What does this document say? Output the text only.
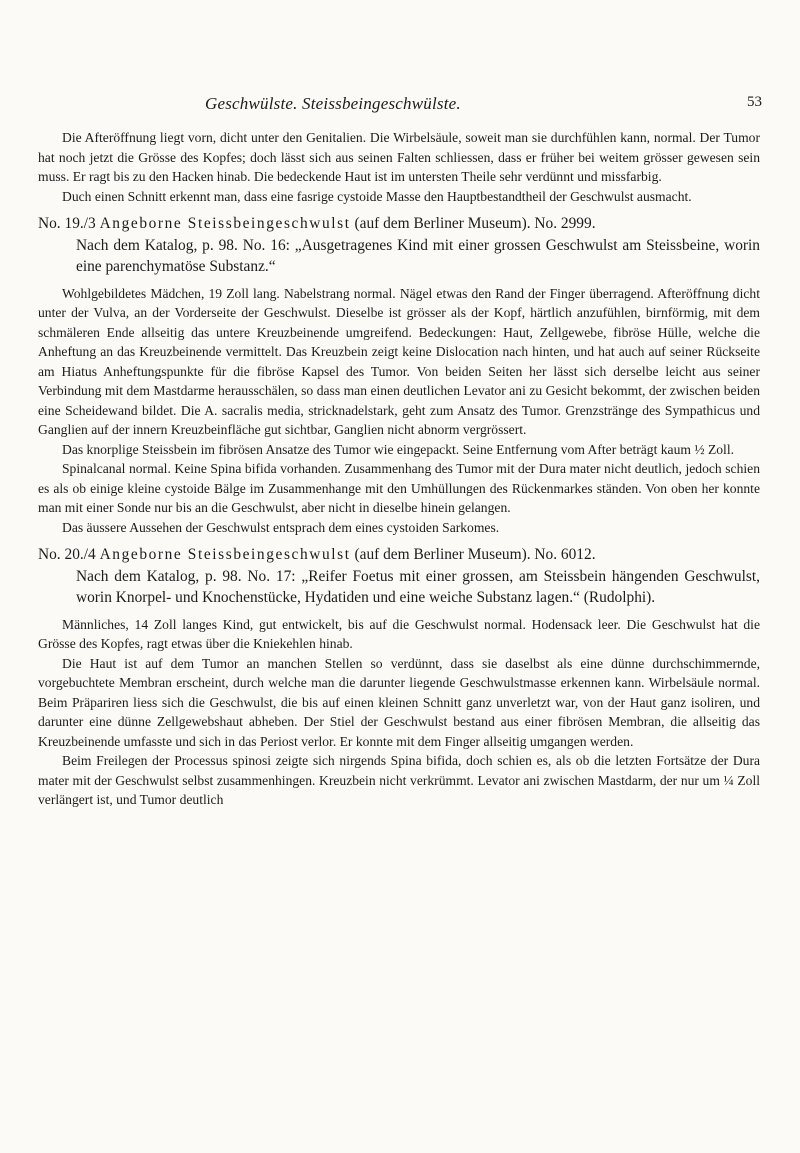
Geschwülste. Steissbeingeschwülste.	53

Die Afteröffnung liegt vorn, dicht unter den Genitalien. Die Wirbelsäule, soweit man sie durchfühlen kann, normal. Der Tumor hat noch jetzt die Grösse des Kopfes; doch lässt sich aus seinen Falten schliessen, dass er früher bei weitem grösser gewesen sein muss. Er ragt bis zu den Hacken hinab. Die bedeckende Haut ist im untersten Theile sehr verdünnt und missfarbig.

Duch einen Schnitt erkennt man, dass eine fasrige cystoide Masse den Hauptbestandtheil der Geschwulst ausmacht.

No. 19./3 Angeborne Steissbeingeschwulst (auf dem Berliner Museum). No. 2999.
Nach dem Katalog, p. 98. No. 16: „Ausgetragenes Kind mit einer grossen Geschwulst am Steissbeine, worin eine parenchymatöse Substanz.“

Wohlgebildetes Mädchen, 19 Zoll lang. Nabelstrang normal. Nägel etwas den Rand der Finger überragend. Afteröffnung dicht unter der Vulva, an der Vorderseite der Geschwulst. Dieselbe ist grösser als der Kopf, härtlich anzufühlen, birnförmig, mit dem schmäleren Ende allseitig das untere Kreuzbeinende umgreifend. Bedeckungen: Haut, Zellgewebe, fibröse Hülle, welche die Anheftung an das Kreuzbeinende vermittelt. Das Kreuzbein zeigt keine Dislocation nach hinten, und hat auch auf seiner Rückseite am Hiatus Anheftungspunkte für die fibröse Kapsel des Tumor. Von beiden Seiten her lässt sich derselbe leicht aus seiner Verbindung mit dem Mastdarme herausschälen, so dass man einen deutlichen Levator ani zu Gesicht bekommt, der zwischen beiden eine Scheidewand bildet. Die A. sacralis media, stricknadelstark, geht zum Ansatz des Tumor. Grenzstränge des Sympathicus und Ganglien auf der innern Kreuzbeinfläche gut sichtbar, Ganglien nicht abnorm vergrössert.

Das knorplige Steissbein im fibrösen Ansatze des Tumor wie eingepackt. Seine Entfernung vom After beträgt kaum ½ Zoll.

Spinalcanal normal. Keine Spina bifida vorhanden. Zusammenhang des Tumor mit der Dura mater nicht deutlich, jedoch schien es als ob einige kleine cystoide Bälge im Zusammenhange mit den Umhüllungen des Rückenmarkes ständen. Von oben her konnte man mit einer Sonde nur bis an die Geschwulst, aber nicht in dieselbe hinein gelangen.

Das äussere Aussehen der Geschwulst entsprach dem eines cystoiden Sarkomes.

No. 20./4 Angeborne Steissbeingeschwulst (auf dem Berliner Museum). No. 6012.
Nach dem Katalog, p. 98. No. 17: „Reifer Foetus mit einer grossen, am Steissbein hängenden Geschwulst, worin Knorpel- und Knochenstücke, Hydatiden und eine weiche Substanz lagen.“ (Rudolphi).

Männliches, 14 Zoll langes Kind, gut entwickelt, bis auf die Geschwulst normal. Hodensack leer. Die Geschwulst hat die Grösse des Kopfes, ragt etwas über die Kniekehlen hinab.

Die Haut ist auf dem Tumor an manchen Stellen so verdünnt, dass sie daselbst als eine dünne durchschimmernde, vorgebuchtete Membran erscheint, durch welche man die darunter liegende Geschwulstmasse erkennen kann. Wirbelsäule normal. Beim Präpariren liess sich die Geschwulst, die bis auf einen kleinen Schnitt ganz unverletzt war, von der Haut ganz isoliren, und darunter eine dünne Zellgewebshaut abheben. Der Stiel der Geschwulst bestand aus einer fibrösen Membran, die allseitig das Kreuzbeinende umfasste und sich in das Periost verlor. Er konnte mit dem Finger allseitig umgangen werden.

Beim Freilegen der Processus spinosi zeigte sich nirgends Spina bifida, doch schien es, als ob die letzten Fortsätze der Dura mater mit der Geschwulst selbst zusammenhingen. Kreuzbein nicht verkrümmt. Levator ani zwischen Mastdarm, der nur um ¼ Zoll verlängert ist, und Tumor deutlich
